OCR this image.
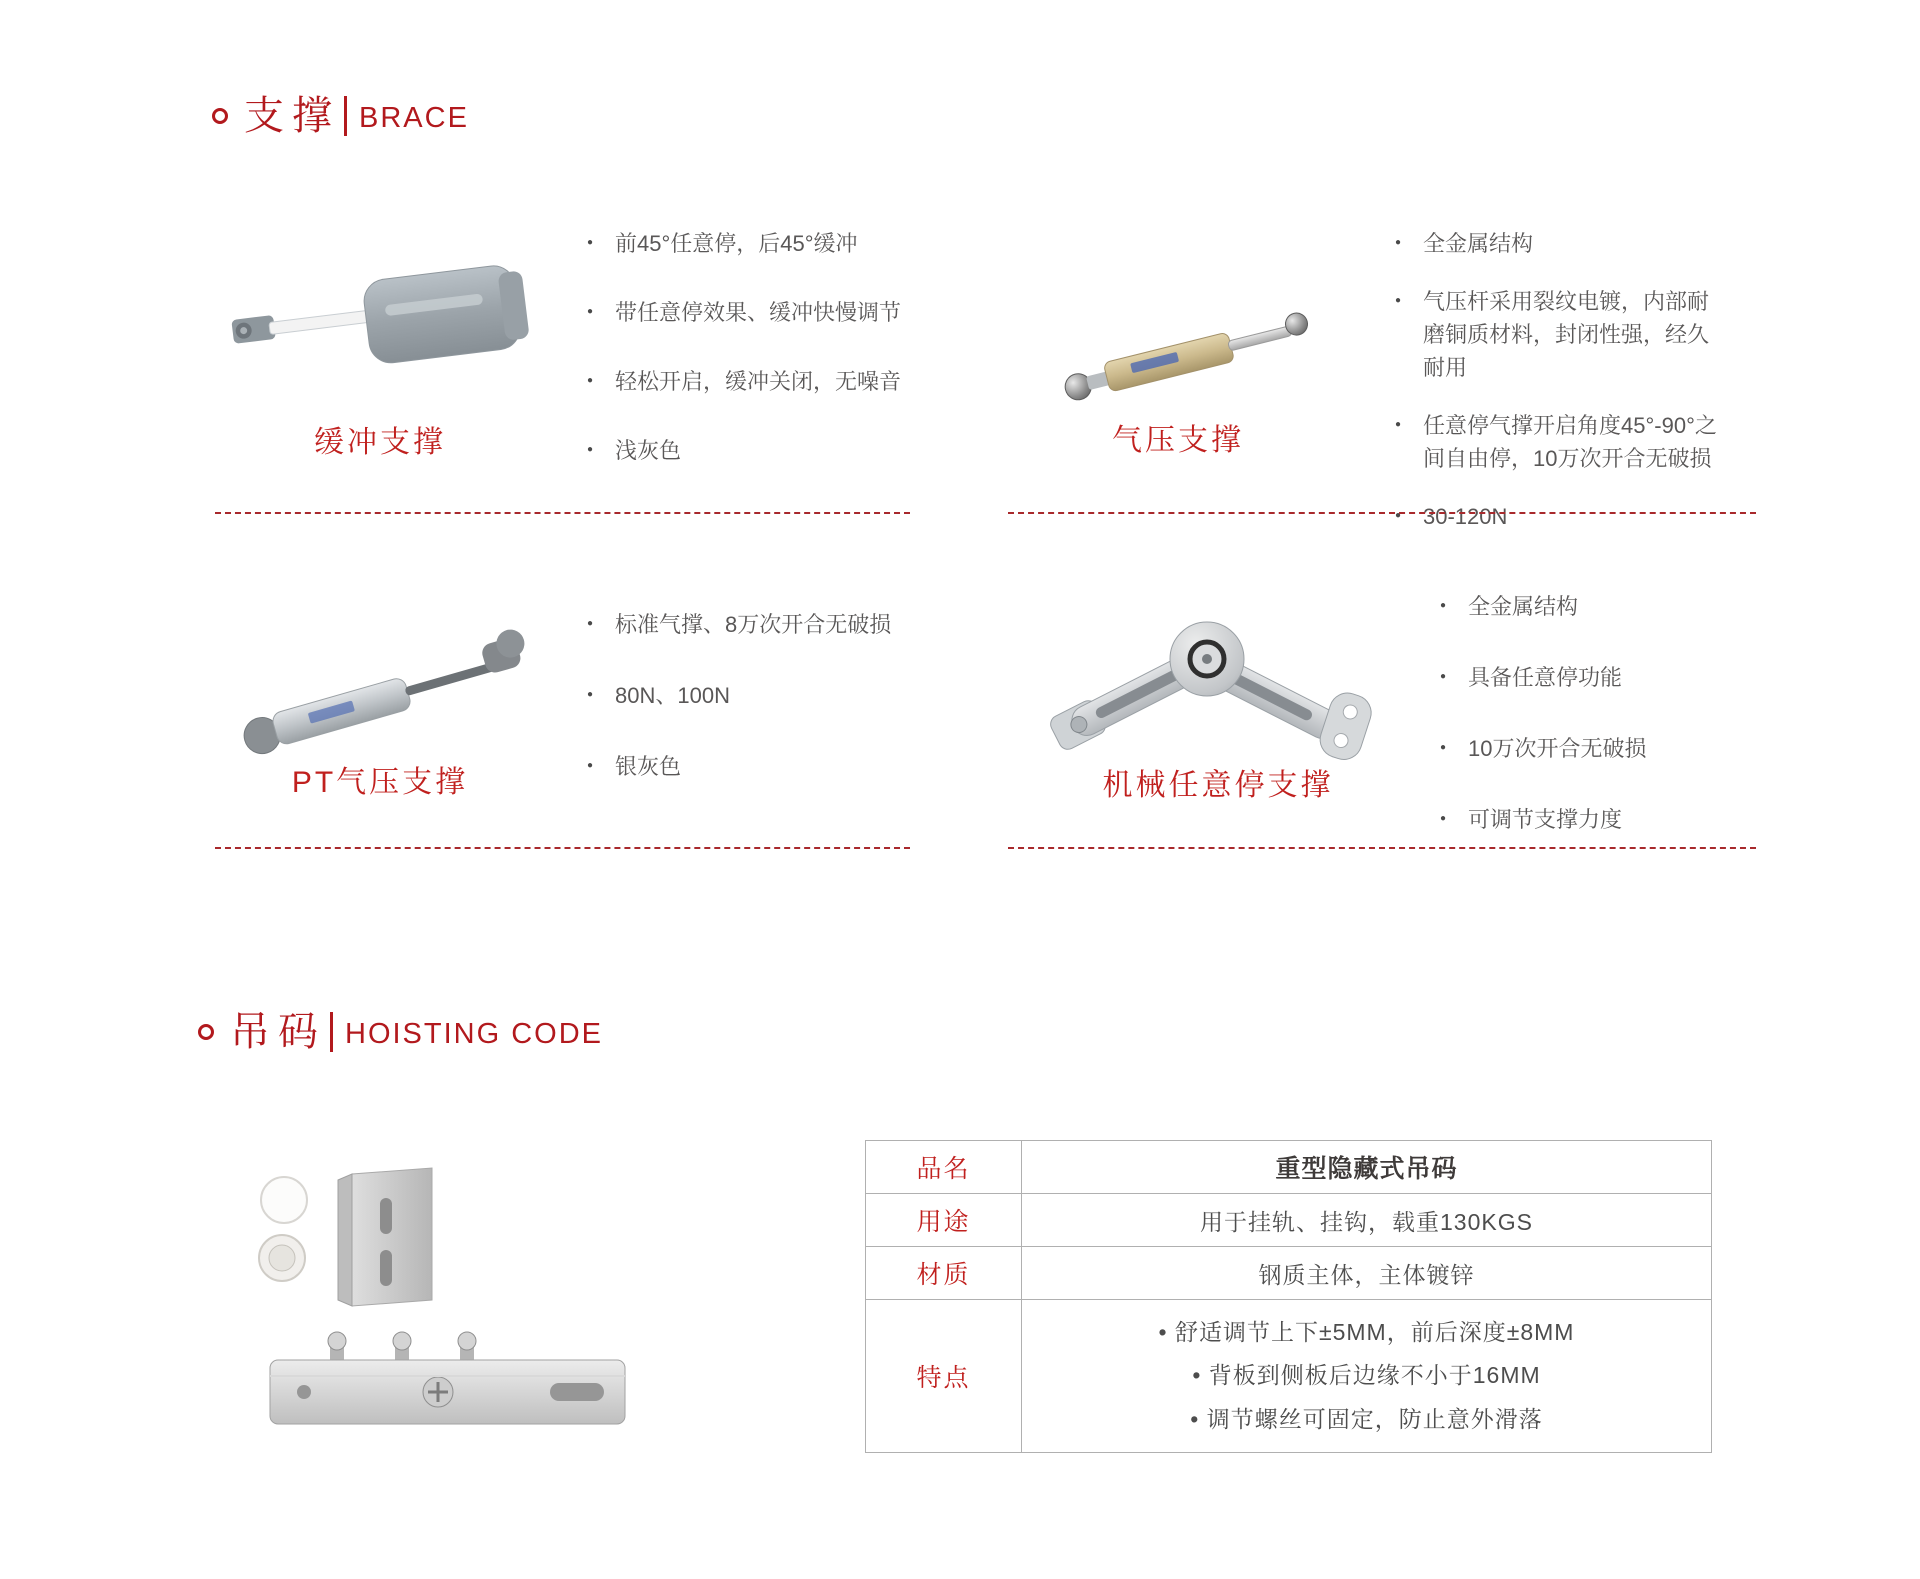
支撑 BRACE
缓冲支撑
● 前45°任意停，后45°缓冲
● 带任意停效果、缓冲快慢调节
● 轻松开启，缓冲关闭，无噪音
● 浅灰色	气压支撑
● 全金属结构
● 气压杆采用裂纹电镀，内部耐磨铜质材料，封闭性强，经久耐用
● 任意停气撑开启角度45°-90°之间自由停，10万次开合无破损
● 30-120N
PT气压支撑
● 标准气撑、8万次开合无破损
● 80N、100N
● 银灰色
机械任意停支撑
● 全金属结构
● 具备任意停功能
● 10万次开合无破损
● 可调节支撑力度
吊码 HOISTING CODE
品名	重型隐藏式吊码
用途	用于挂轨、挂钩，载重130KGS
材质	钢质主体，主体镀锌
特点	
• 舒适调节上下±5MM，前后深度±8MM
• 背板到侧板后边缘不小于16MM
• 调节螺丝可固定，防止意外滑落
